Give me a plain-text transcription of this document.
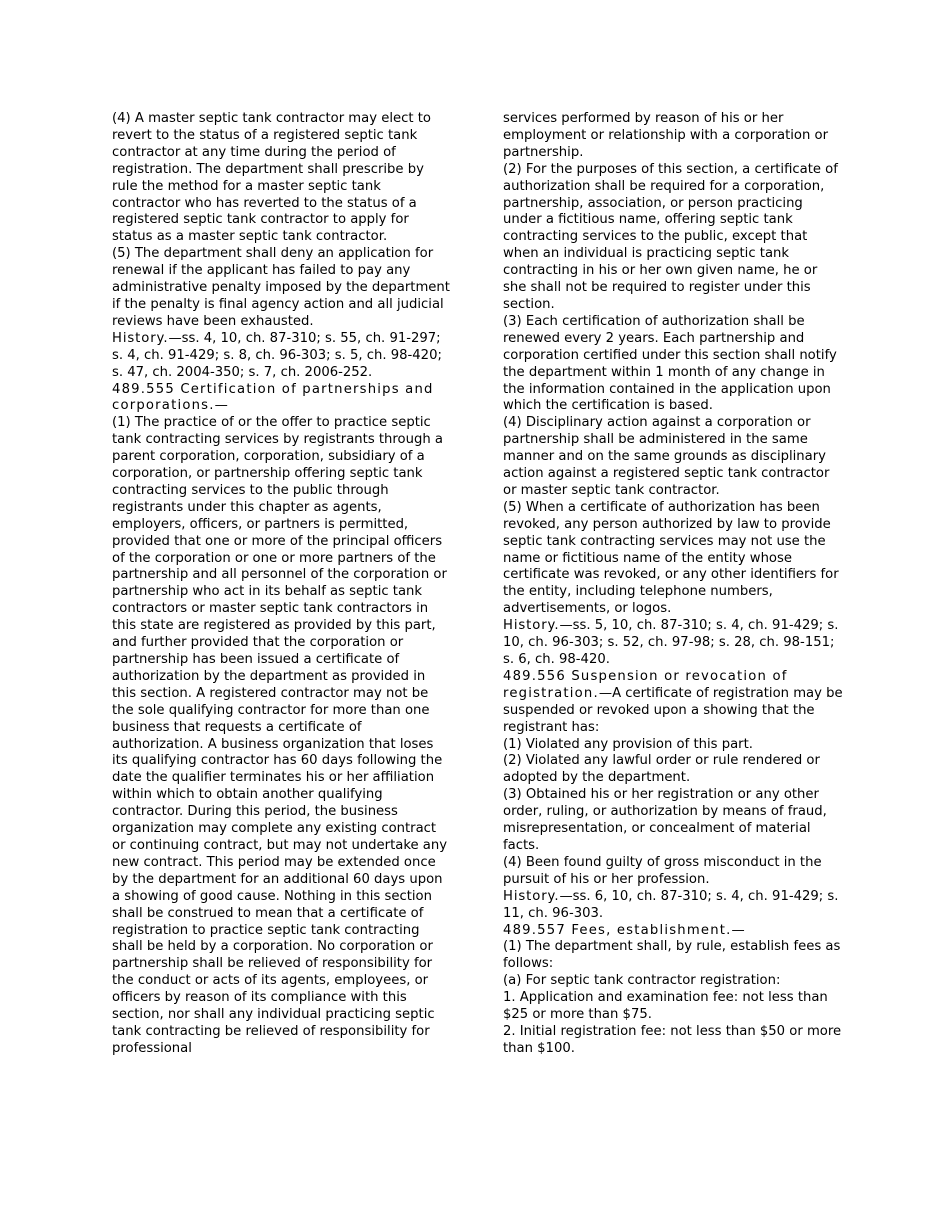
(4) A master septic tank contractor may elect to revert to the status of a registered septic tank contractor at any time during the period of registration. The department shall prescribe by rule the method for a master septic tank contractor who has reverted to the status of a registered septic tank contractor to apply for status as a master septic tank contractor.

(5) The department shall deny an application for renewal if the applicant has failed to pay any administrative penalty imposed by the department if the penalty is final agency action and all judicial reviews have been exhausted.

History.—ss. 4, 10, ch. 87-310; s. 55, ch. 91-297; s. 4, ch. 91-429; s. 8, ch. 96-303; s. 5, ch. 98-420; s. 47, ch. 2004-350; s. 7, ch. 2006-252.

489.555 Certification of partnerships and corporations.—

(1) The practice of or the offer to practice septic tank contracting services by registrants through a parent corporation, corporation, subsidiary of a corporation, or partnership offering septic tank contracting services to the public through registrants under this chapter as agents, employers, officers, or partners is permitted, provided that one or more of the principal officers of the corporation or one or more partners of the partnership and all personnel of the corporation or partnership who act in its behalf as septic tank contractors or master septic tank contractors in this state are registered as provided by this part, and further provided that the corporation or partnership has been issued a certificate of authorization by the department as provided in this section. A registered contractor may not be the sole qualifying contractor for more than one business that requests a certificate of authorization. A business organization that loses its qualifying contractor has 60 days following the date the qualifier terminates his or her affiliation within which to obtain another qualifying contractor. During this period, the business organization may complete any existing contract or continuing contract, but may not undertake any new contract. This period may be extended once by the department for an additional 60 days upon a showing of good cause. Nothing in this section shall be construed to mean that a certificate of registration to practice septic tank contracting shall be held by a corporation. No corporation or partnership shall be relieved of responsibility for the conduct or acts of its agents, employees, or officers by reason of its compliance with this section, nor shall any individual practicing septic tank contracting be relieved of responsibility for professional

services performed by reason of his or her employment or relationship with a corporation or partnership.

(2) For the purposes of this section, a certificate of authorization shall be required for a corporation, partnership, association, or person practicing under a fictitious name, offering septic tank contracting services to the public, except that when an individual is practicing septic tank contracting in his or her own given name, he or she shall not be required to register under this section.

(3) Each certification of authorization shall be renewed every 2 years. Each partnership and corporation certified under this section shall notify the department within 1 month of any change in the information contained in the application upon which the certification is based.

(4) Disciplinary action against a corporation or partnership shall be administered in the same manner and on the same grounds as disciplinary action against a registered septic tank contractor or master septic tank contractor.

(5) When a certificate of authorization has been revoked, any person authorized by law to provide septic tank contracting services may not use the name or fictitious name of the entity whose certificate was revoked, or any other identifiers for the entity, including telephone numbers, advertisements, or logos.

History.—ss. 5, 10, ch. 87-310; s. 4, ch. 91-429; s. 10, ch. 96-303; s. 52, ch. 97-98; s. 28, ch. 98-151; s. 6, ch. 98-420.

489.556 Suspension or revocation of registration.—A certificate of registration may be suspended or revoked upon a showing that the registrant has:

(1) Violated any provision of this part.

(2) Violated any lawful order or rule rendered or adopted by the department.

(3) Obtained his or her registration or any other order, ruling, or authorization by means of fraud, misrepresentation, or concealment of material facts.

(4) Been found guilty of gross misconduct in the pursuit of his or her profession.

History.—ss. 6, 10, ch. 87-310; s. 4, ch. 91-429; s. 11, ch. 96-303.

489.557 Fees, establishment.—

(1) The department shall, by rule, establish fees as follows:

(a) For septic tank contractor registration:

1. Application and examination fee: not less than $25 or more than $75.

2. Initial registration fee: not less than $50 or more than $100.
